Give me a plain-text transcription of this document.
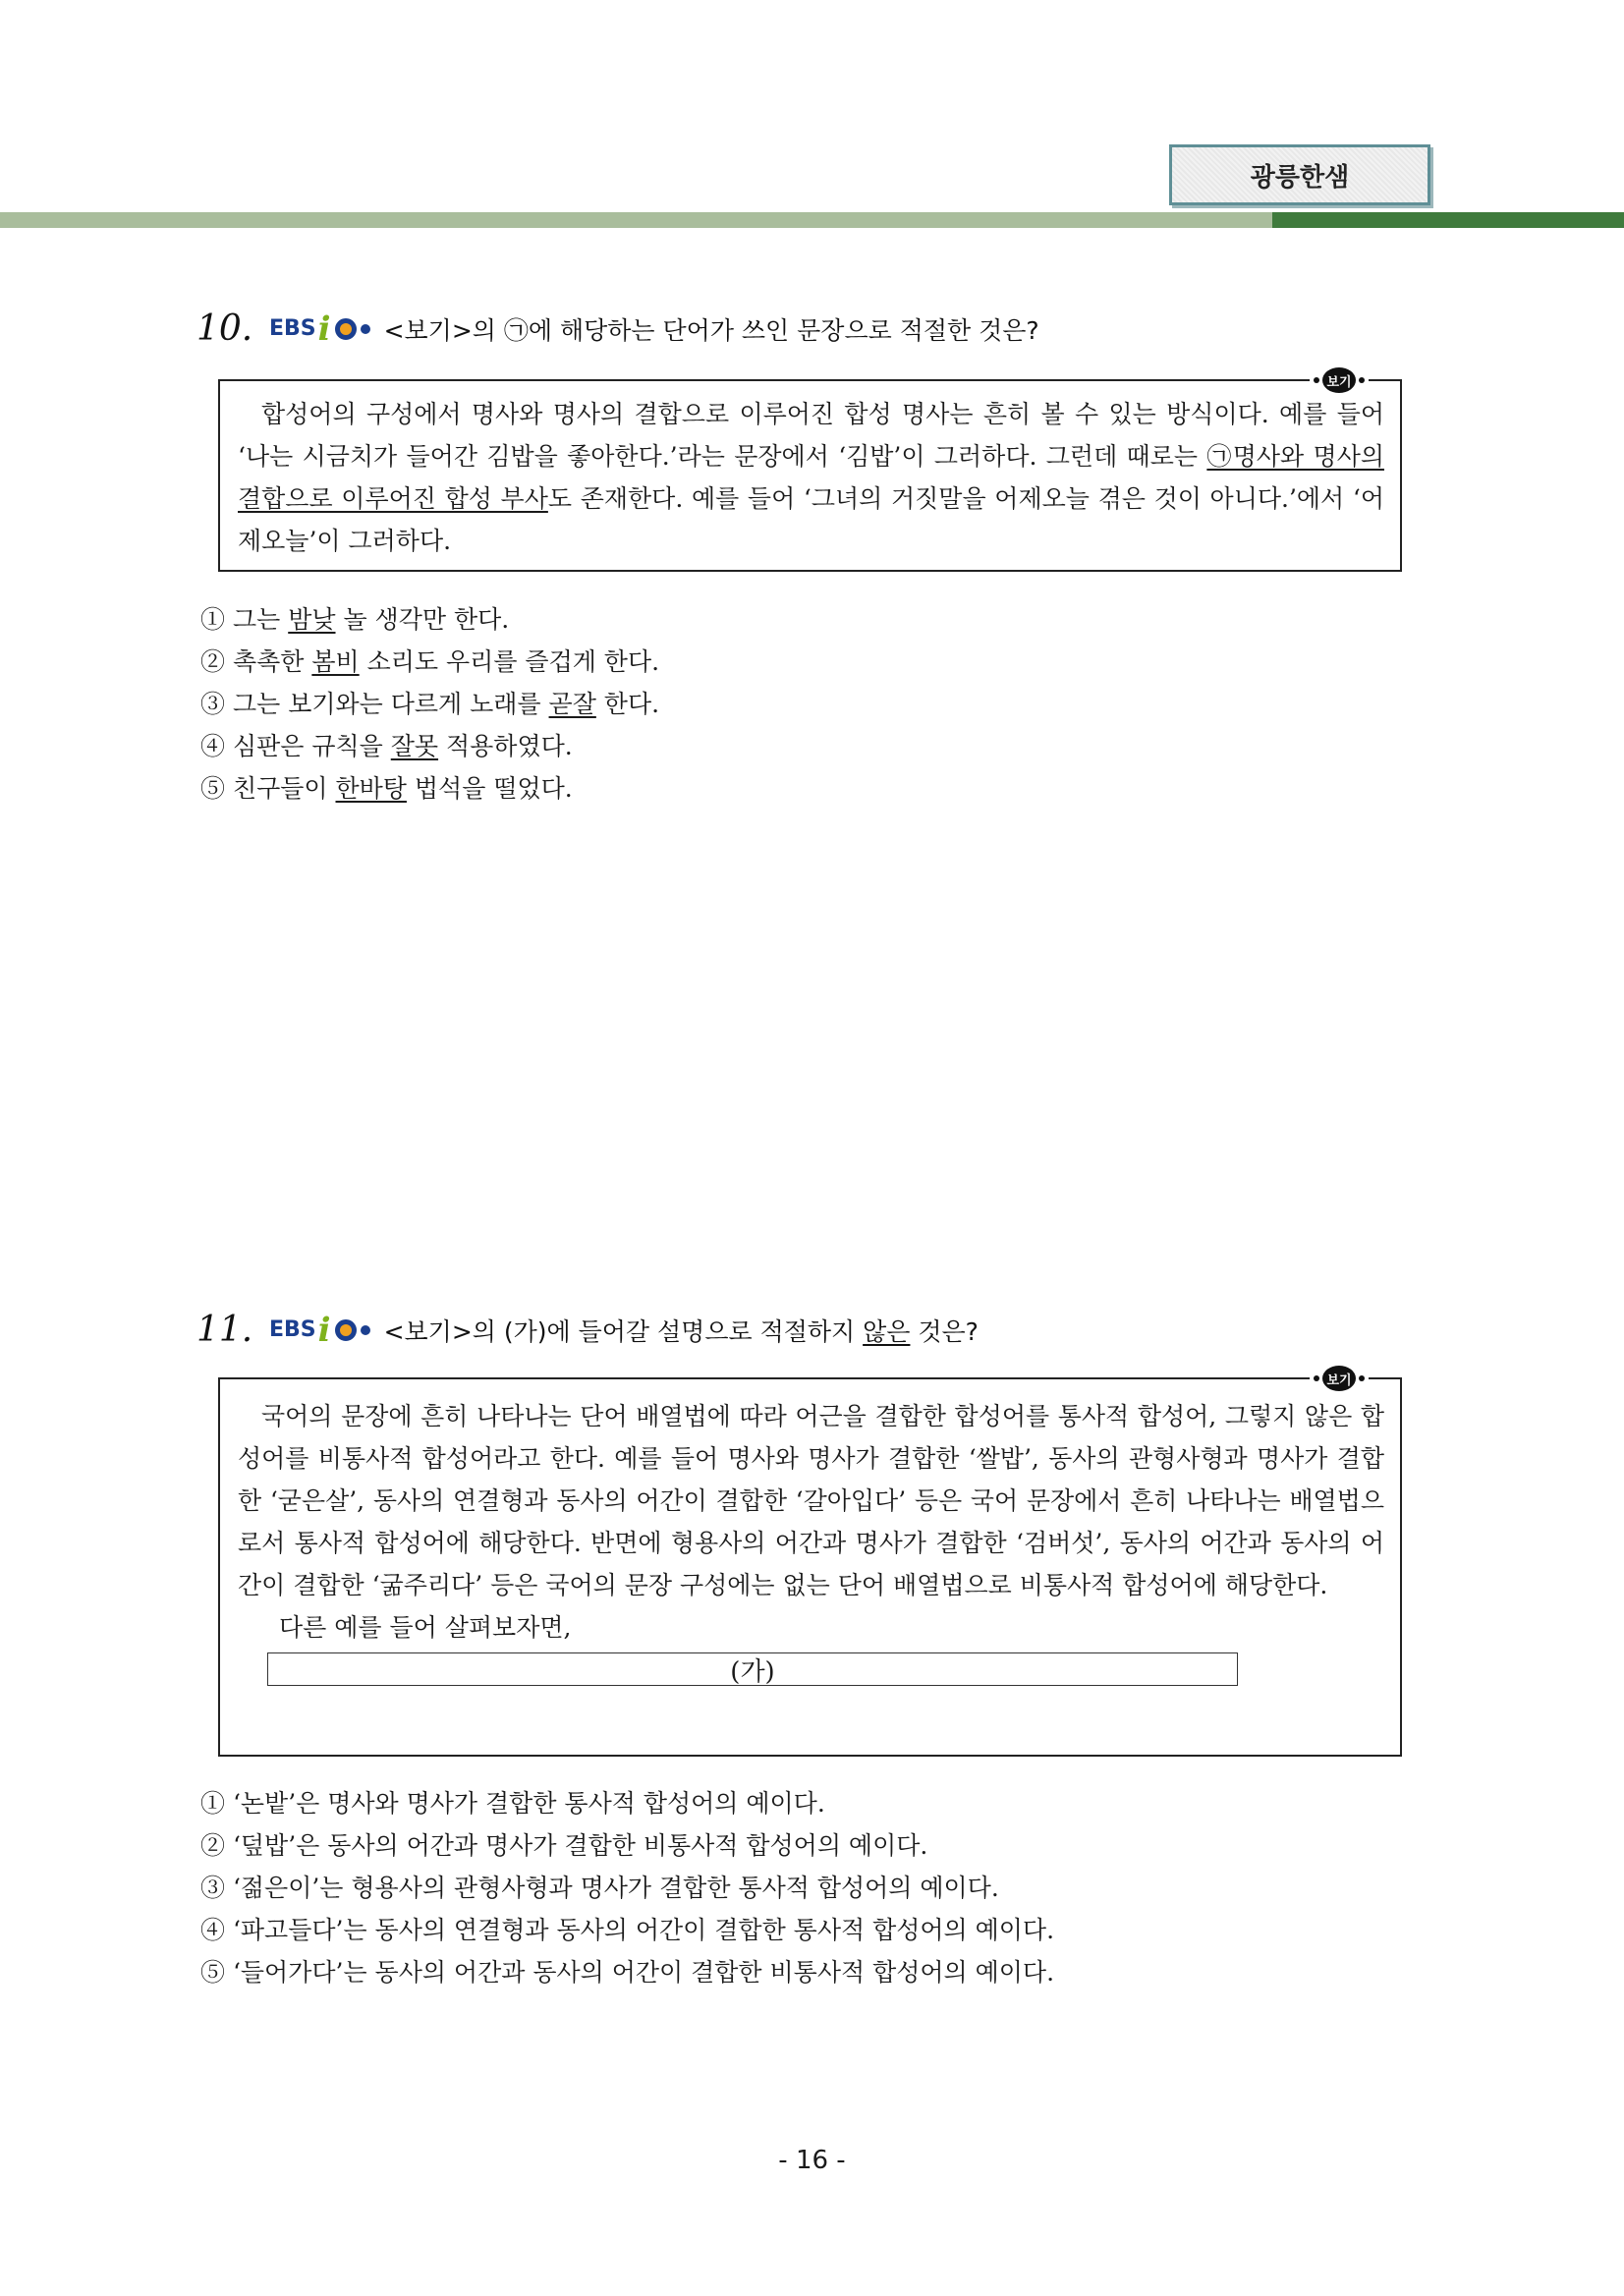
광릉한샘
10. EBS i <보기>의 ㉠에 해당하는 단어가 쓰인 문장으로 적절한 것은?
보기

합성어의 구성에서 명사와 명사의 결합으로 이루어진 합성 명사는 흔히 볼 수 있는 방식이다. 예를 들어 ‘나는 시금치가 들어간 김밥을 좋아한다.’라는 문장에서 ‘김밥’이 그러하다. 그런데 때로는 ㉠명사와 명사의 결합으로 이루어진 합성 부사도 존재한다. 예를 들어 ‘그녀의 거짓말을 어제오늘 겪은 것이 아니다.’에서 ‘어제오늘’이 그러하다.

① 그는 밤낮 놀 생각만 한다.
② 촉촉한 봄비 소리도 우리를 즐겁게 한다.
③ 그는 보기와는 다르게 노래를 곧잘 한다.
④ 심판은 규칙을 잘못 적용하였다.
⑤ 친구들이 한바탕 법석을 떨었다.
11. EBS i <보기>의 (가)에 들어갈 설명으로 적절하지 않은 것은?
보기

국어의 문장에 흔히 나타나는 단어 배열법에 따라 어근을 결합한 합성어를 통사적 합성어, 그렇지 않은 합성어를 비통사적 합성어라고 한다. 예를 들어 명사와 명사가 결합한 ‘쌀밥’, 동사의 관형사형과 명사가 결합한 ‘굳은살’, 동사의 연결형과 동사의 어간이 결합한 ‘갈아입다’ 등은 국어 문장에서 흔히 나타나는 배열법으로서 통사적 합성어에 해당한다. 반면에 형용사의 어간과 명사가 결합한 ‘검버섯’, 동사의 어간과 동사의 어간이 결합한 ‘굶주리다’ 등은 국어의 문장 구성에는 없는 단어 배열법으로 비통사적 합성어에 해당한다.

다른 예를 들어 살펴보자면,

(가)
① ‘논밭’은 명사와 명사가 결합한 통사적 합성어의 예이다.
② ‘덮밥’은 동사의 어간과 명사가 결합한 비통사적 합성어의 예이다.
③ ‘젊은이’는 형용사의 관형사형과 명사가 결합한 통사적 합성어의 예이다.
④ ‘파고들다’는 동사의 연결형과 동사의 어간이 결합한 통사적 합성어의 예이다.
⑤ ‘들어가다’는 동사의 어간과 동사의 어간이 결합한 비통사적 합성어의 예이다.
- 16 -
